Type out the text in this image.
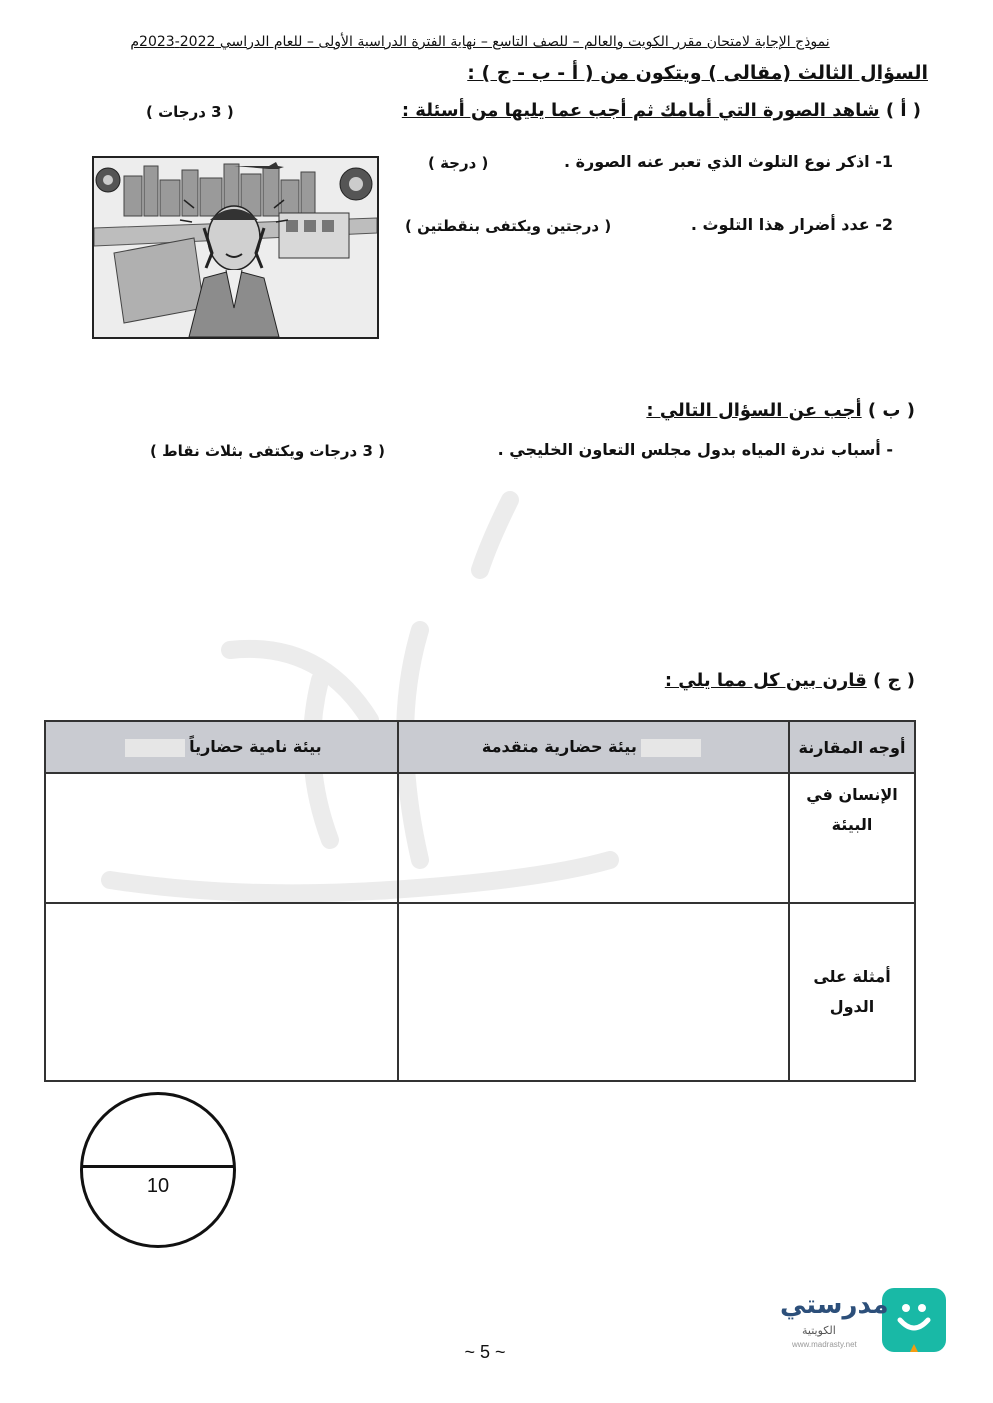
نموذج الإجابة لامتحان مقرر الكويت والعالم – للصف التاسع – نهاية الفترة الدراسية الأولى – للعام الدراسي 2022-2023م
السؤال الثالث (مقالى ) ويتكون من ( أ - ب - ج ) :
( أ ) شاهد الصورة التي أمامك ثم أجب عما يليها من أسئلة :
( 3 درجات )
1- اذكر نوع التلوث الذي تعبر عنه الصورة .
( درجة )
2- عدد أضرار هذا التلوث .
( درجتين ويكتفى بنقطتين )
( ب ) أجب عن السؤال التالي :
- أسباب ندرة المياه بدول مجلس التعاون الخليجي .
( 3 درجات ويكتفى بثلاث نقاط )
( ج ) قارن بين كل مما يلي :
أوجه المقارنة	بيئة حضارية متقدمة	بيئة نامية حضارياً
الإنسان في البيئة		
أمثلة على الدول		
10
مدرستي
الكويتية
www.madrasty.net
~ 5 ~
